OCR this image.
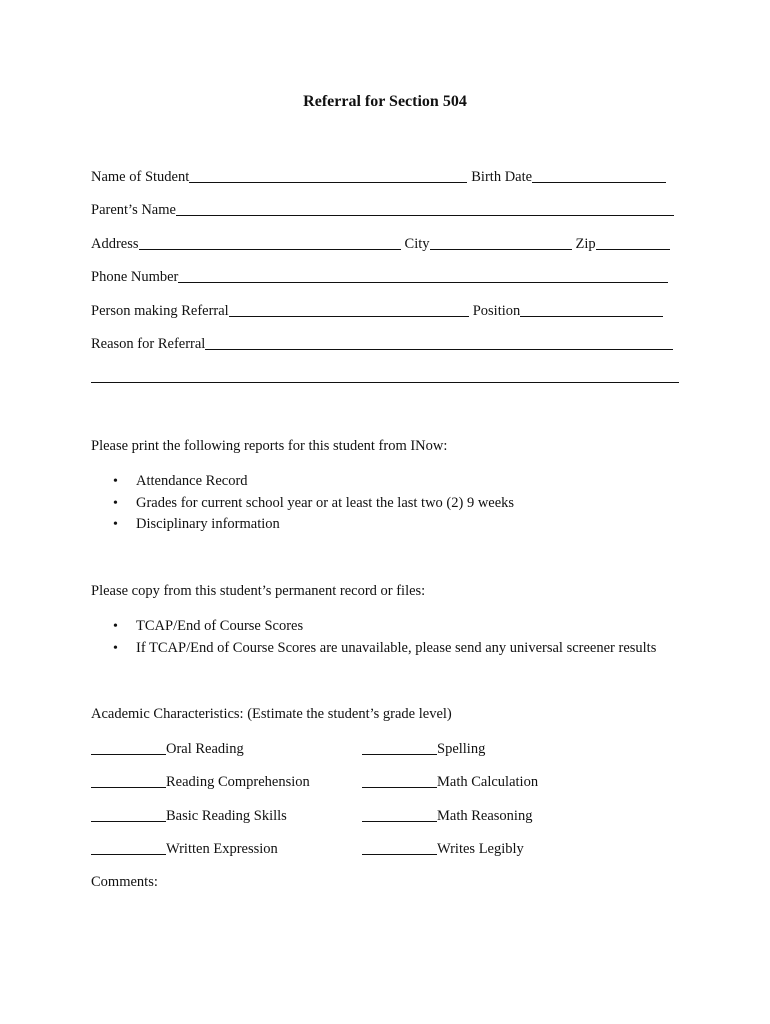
Referral for Section 504
Name of Student	Birth Date
Parent’s Name
Address	City	Zip
Phone Number
Person making Referral	Position
Reason for Referral
Please print the following reports for this student from INow:
• Attendance Record
• Grades for current school year or at least the last two (2) 9 weeks
• Disciplinary information
Please copy from this student’s permanent record or files:
• TCAP/End of Course Scores
• If TCAP/End of Course Scores are unavailable, please send any universal screener results
Academic Characteristics: (Estimate the student’s grade level)
Oral Reading	Spelling
Reading Comprehension	Math Calculation
Basic Reading Skills	Math Reasoning
Written Expression	Writes Legibly
Comments:
